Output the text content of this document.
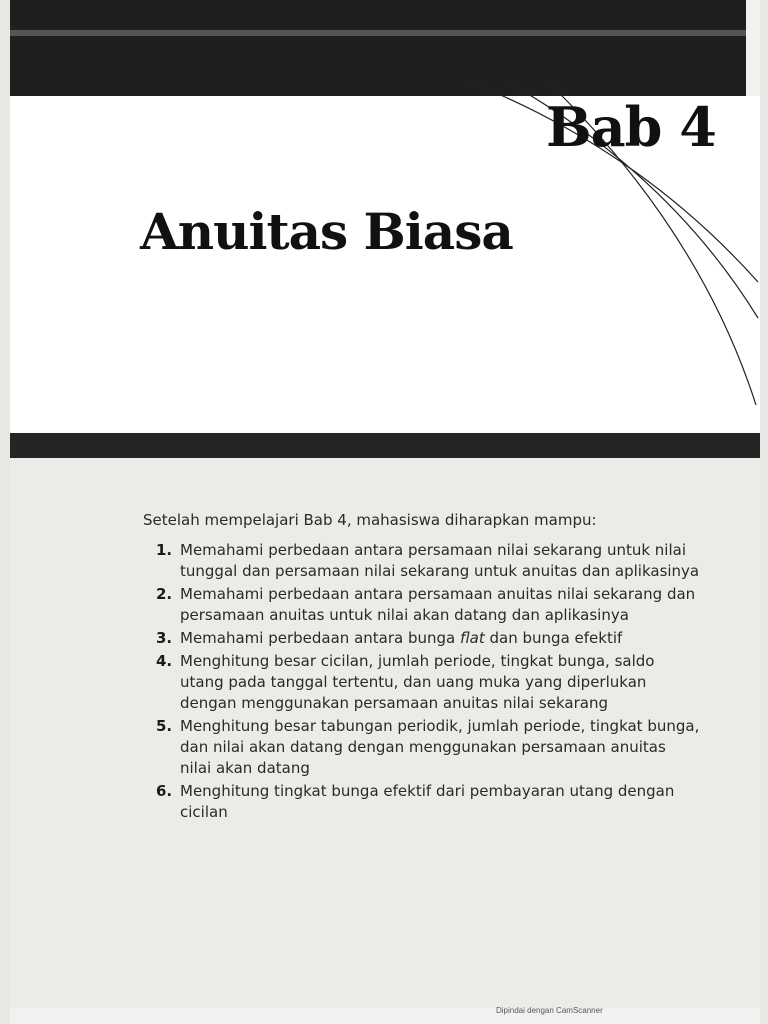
Bab 4
Anuitas Biasa
Setelah mempelajari Bab 4, mahasiswa diharapkan mampu:
1. Memahami perbedaan antara persamaan nilai sekarang untuk nilai tunggal dan persamaan nilai sekarang untuk anuitas dan aplikasinya
2. Memahami perbedaan antara persamaan anuitas nilai sekarang dan persamaan anuitas untuk nilai akan datang dan aplikasinya
3. Memahami perbedaan antara bunga flat dan bunga efektif
4. Menghitung besar cicilan, jumlah periode, tingkat bunga, saldo utang pada tanggal tertentu, dan uang muka yang diperlukan dengan menggunakan persamaan anuitas nilai sekarang
5. Menghitung besar tabungan periodik, jumlah periode, tingkat bunga, dan nilai akan datang dengan menggunakan persamaan anuitas nilai akan datang
6. Menghitung tingkat bunga efektif dari pembayaran utang dengan cicilan
Dipindai dengan CamScanner
